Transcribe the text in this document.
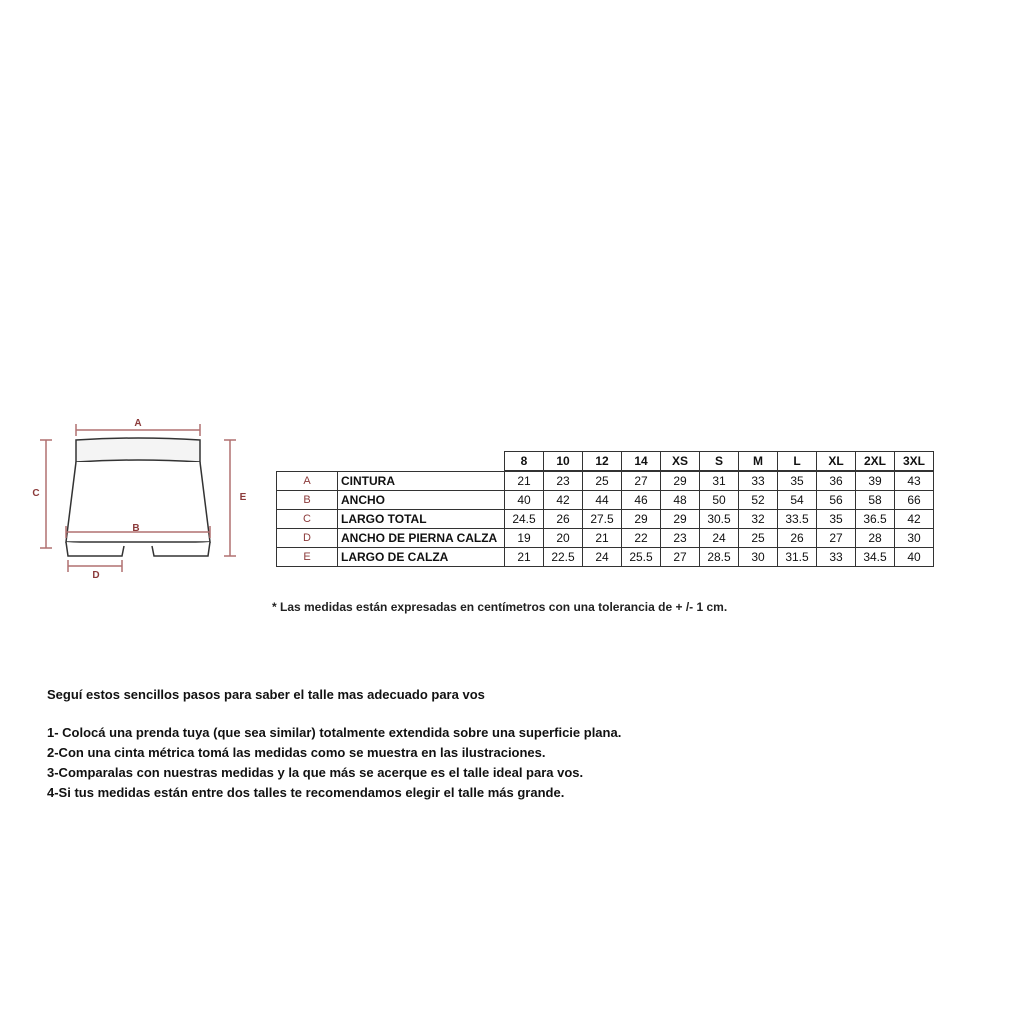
A
B
C	E
D
		8	10	12	14	XS	S	M	L	XL	2XL	3XL
A	CINTURA	21	23	25	27	29	31	33	35	36	39	43
B	ANCHO	40	42	44	46	48	50	52	54	56	58	66
C	LARGO TOTAL	24.5	26	27.5	29	29	30.5	32	33.5	35	36.5	42
D	ANCHO DE PIERNA CALZA	19	20	21	22	23	24	25	26	27	28	30
E	LARGO DE CALZA	21	22.5	24	25.5	27	28.5	30	31.5	33	34.5	40
* Las medidas están expresadas en centímetros con una tolerancia de + /- 1 cm.

Seguí estos sencillos pasos para saber el talle mas adecuado para vos

1- Colocá una prenda tuya (que sea similar) totalmente extendida sobre una superficie plana.

2-Con una cinta métrica tomá las medidas como se muestra en las ilustraciones.

3-Comparalas con nuestras medidas y la que más se acerque es el talle ideal para vos.

4-Si tus medidas están entre dos talles te recomendamos elegir el talle más grande.
